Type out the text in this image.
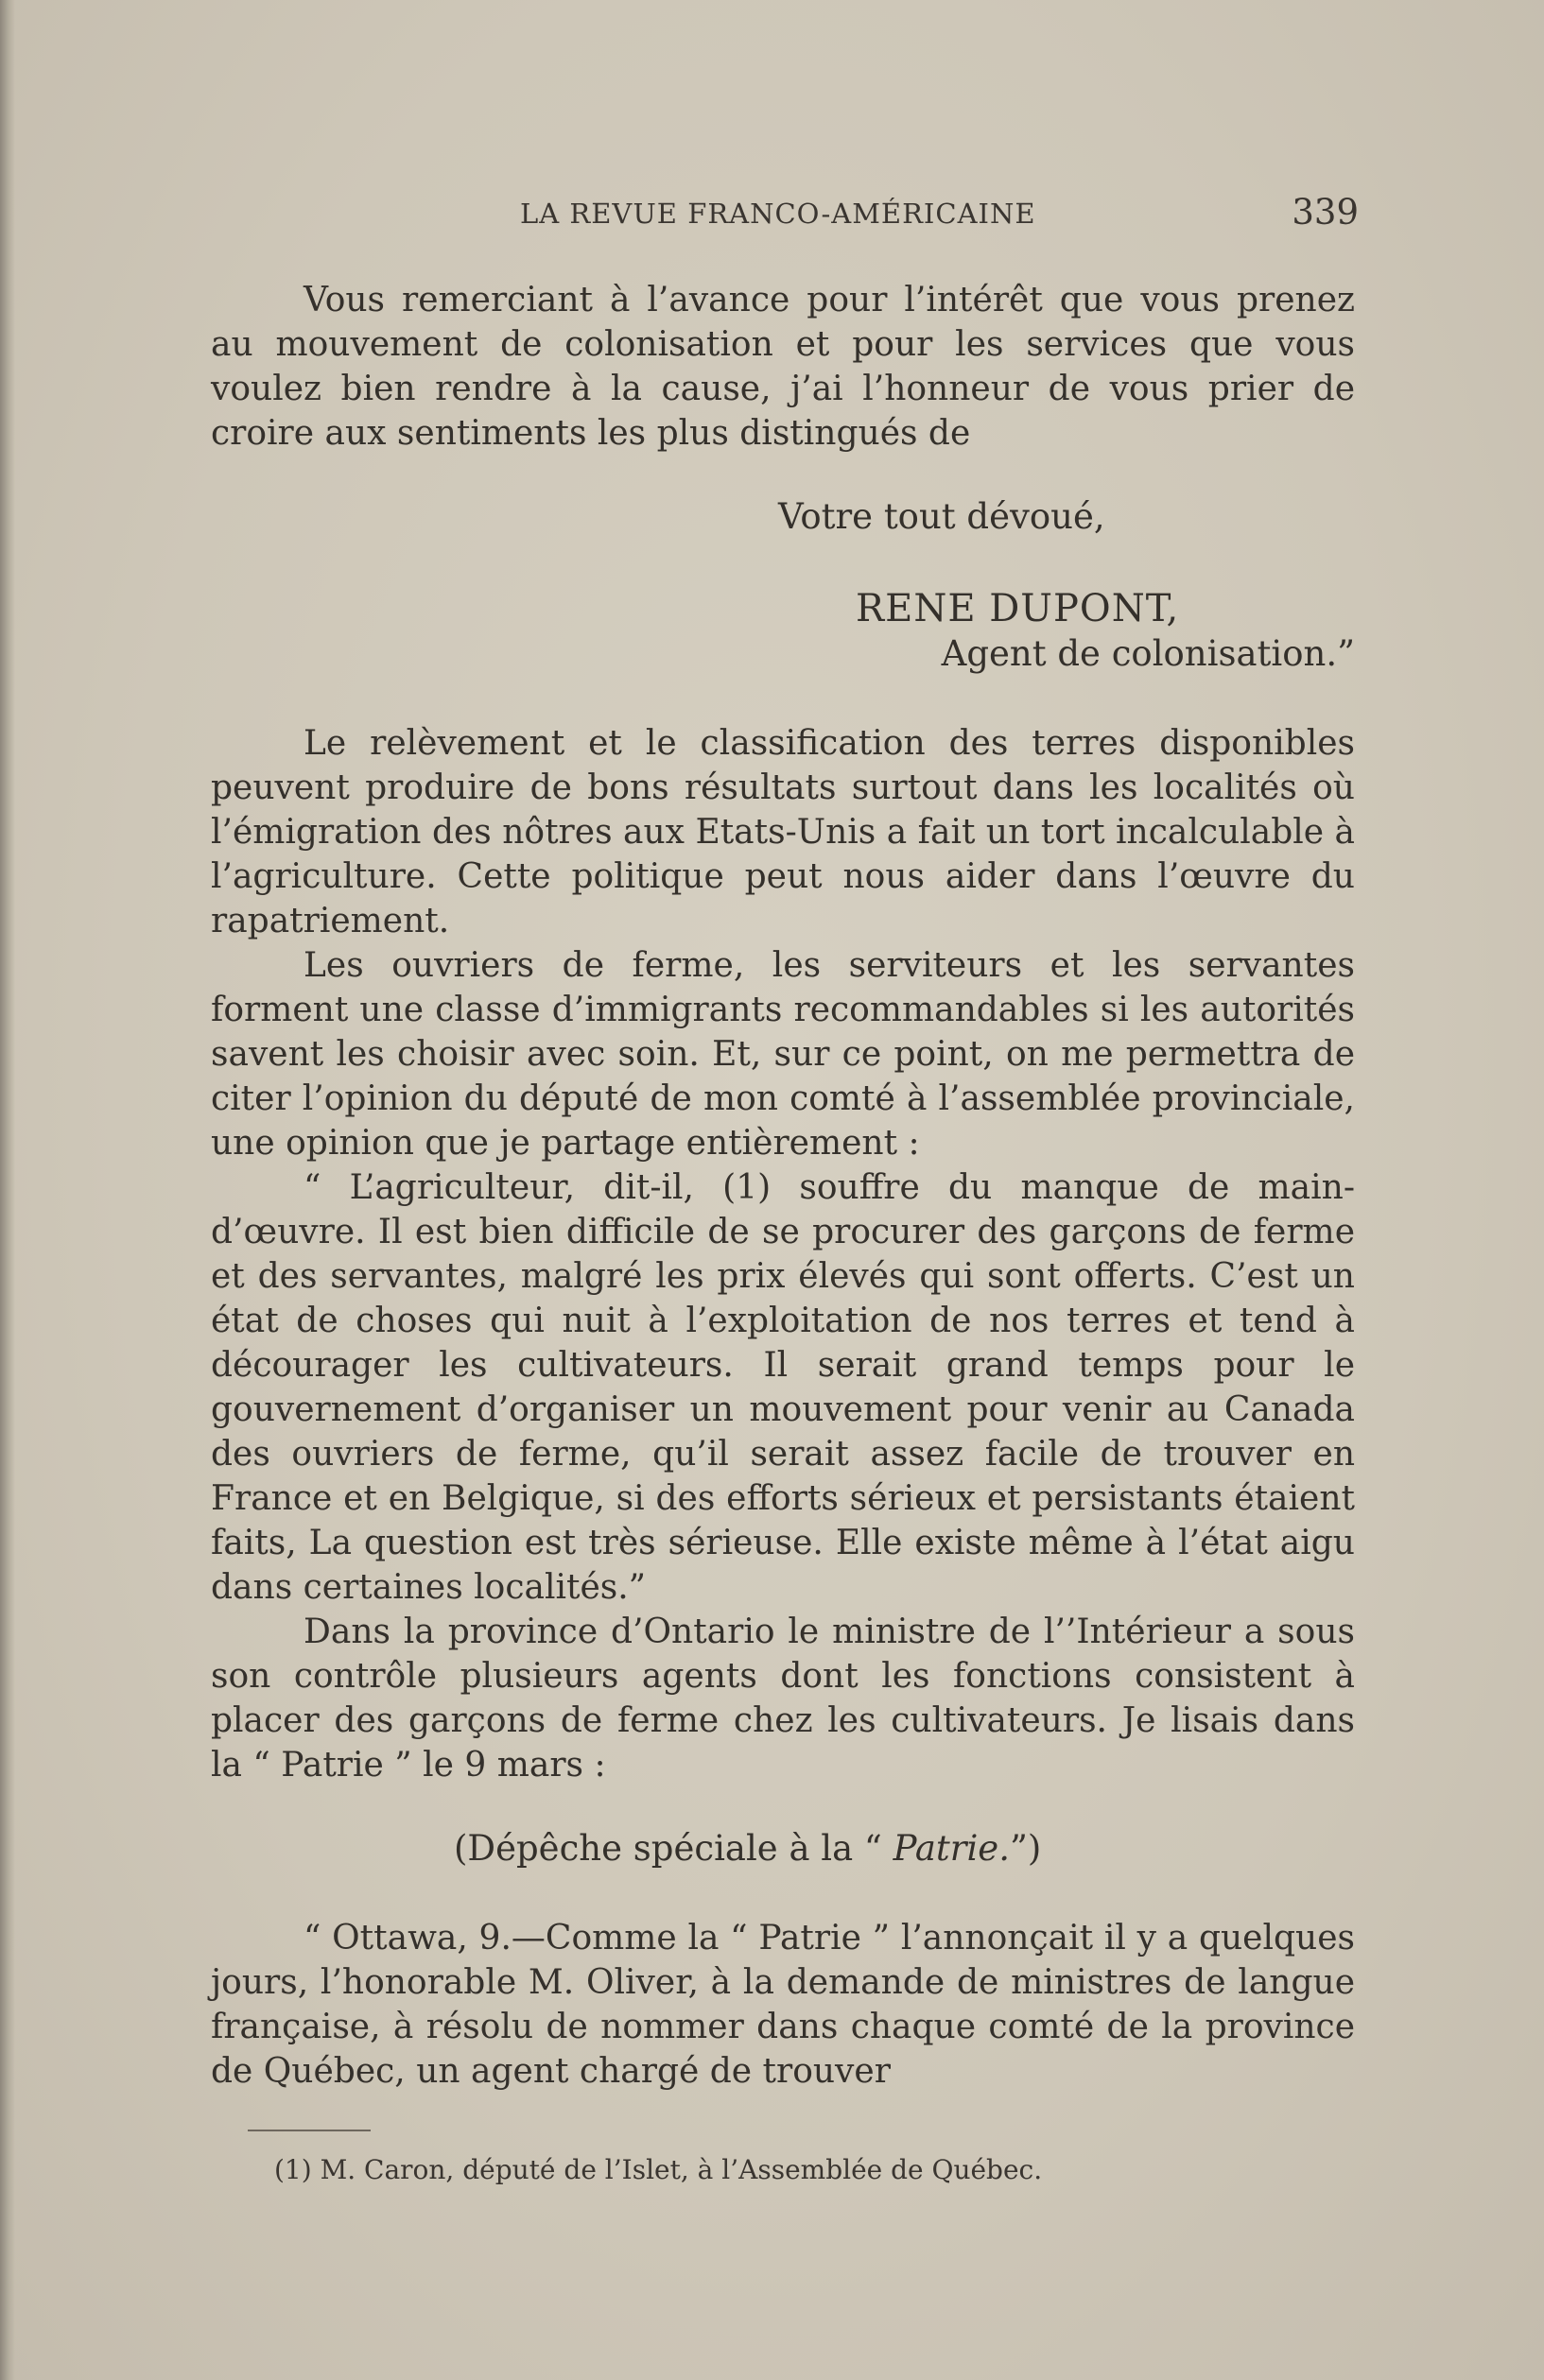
LA REVUE FRANCO-AMÉRICAINE	339

Vous remerciant à l’avance pour l’intérêt que vous prenez au mouvement de colonisation et pour les services que vous voulez bien rendre à la cause, j’ai l’honneur de vous prier de croire aux sentiments les plus distingués de

Votre tout dévoué,
RENE DUPONT,
Agent de colonisation.”

Le relèvement et le classification des terres disponibles peuvent produire de bons résultats surtout dans les localités où l’émigration des nôtres aux Etats-Unis a fait un tort incalculable à l’agriculture. Cette politique peut nous aider dans l’œuvre du rapatriement.

Les ouvriers de ferme, les serviteurs et les servantes forment une classe d’immigrants recommandables si les autorités savent les choisir avec soin. Et, sur ce point, on me permettra de citer l’opinion du député de mon comté à l’assemblée provinciale, une opinion que je partage entièrement :

“ L’agriculteur, dit-il, (1) souffre du manque de main-d’œuvre. Il est bien difficile de se procurer des garçons de ferme et des servantes, malgré les prix élevés qui sont offerts. C’est un état de choses qui nuit à l’exploitation de nos terres et tend à décourager les cultivateurs. Il serait grand temps pour le gouvernement d’organiser un mouvement pour venir au Canada des ouvriers de ferme, qu’il serait assez facile de trouver en France et en Belgique, si des efforts sérieux et persistants étaient faits, La question est très sérieuse. Elle existe même à l’état aigu dans certaines localités.”

Dans la province d’Ontario le ministre de l’’Intérieur a sous son contrôle plusieurs agents dont les fonctions consistent à placer des garçons de ferme chez les cultivateurs. Je lisais dans la “ Patrie ” le 9 mars :

(Dépêche spéciale à la “ Patrie.”)

“ Ottawa, 9.—Comme la “ Patrie ” l’annonçait il y a quelques jours, l’honorable M. Oliver, à la demande de ministres de langue française, à résolu de nommer dans chaque comté de la province de Québec, un agent chargé de trouver

(1) M. Caron, député de l’Islet, à l’Assemblée de Québec.
